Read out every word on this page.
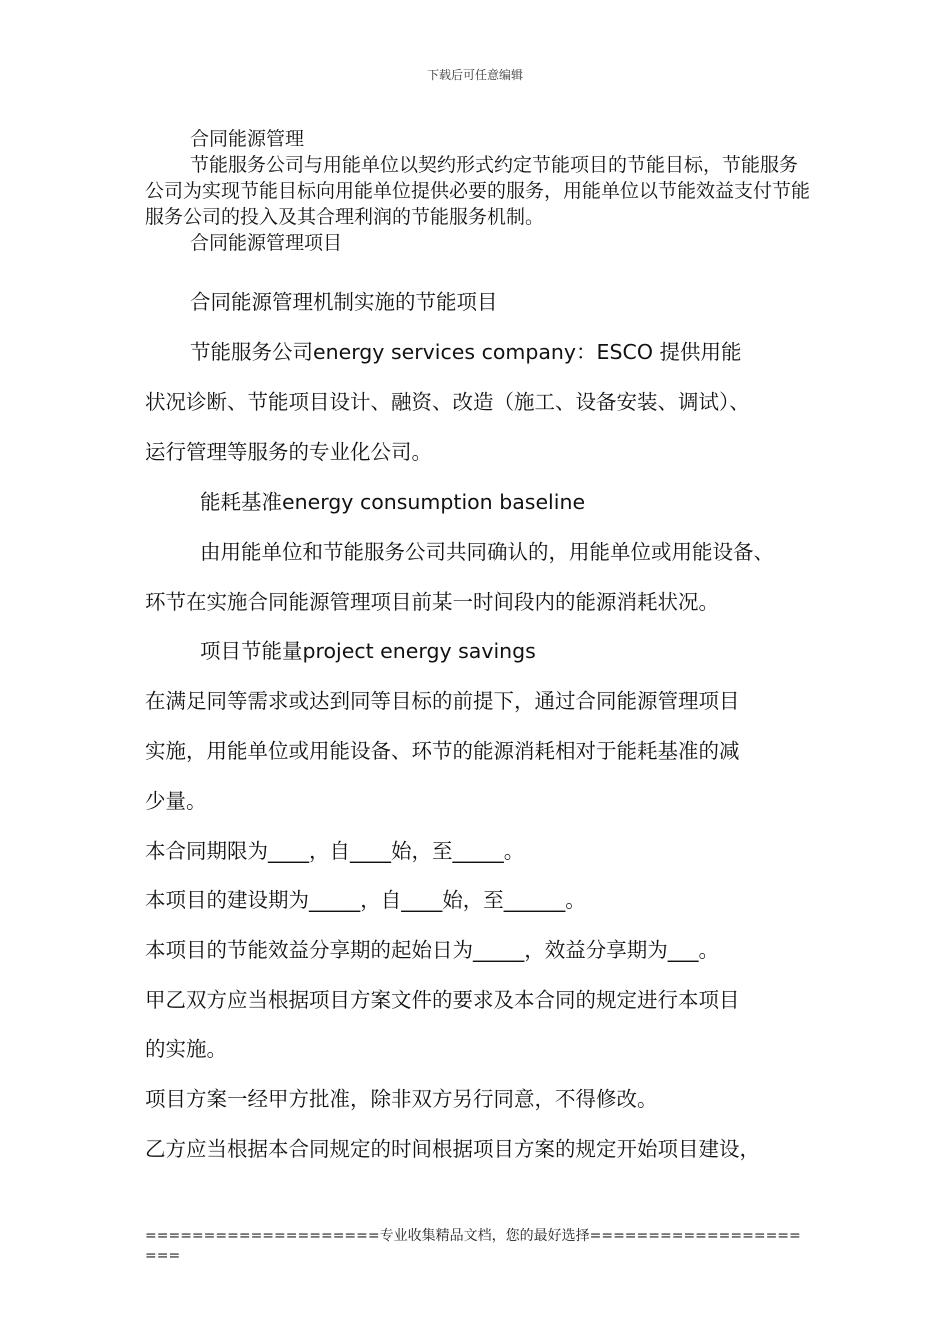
下载后可任意编辑

合同能源管理

节能服务公司与用能单位以契约形式约定节能项目的节能目标，节能服务公司为实现节能目标向用能单位提供必要的服务，用能单位以节能效益支付节能服务公司的投入及其合理利润的节能服务机制。

合同能源管理项目

合同能源管理机制实施的节能项目
节能服务公司energy services company：ESCO 提供用能
状况诊断、节能项目设计、融资、改造（施工、设备安装、调试）、
运行管理等服务的专业化公司。
能耗基准energy consumption baseline
由用能单位和节能服务公司共同确认的，用能单位或用能设备、
环节在实施合同能源管理项目前某一时间段内的能源消耗状况。
项目节能量project energy savings
在满足同等需求或达到同等目标的前提下，通过合同能源管理项目
实施，用能单位或用能设备、环节的能源消耗相对于能耗基准的减
少量。
本合同期限为____，自____始，至_____。
本项目的建设期为_____，自____始，至______。
本项目的节能效益分享期的起始日为_____，效益分享期为___。
甲乙双方应当根据项目方案文件的要求及本合同的规定进行本项目
的实施。
项目方案一经甲方批准，除非双方另行同意，不得修改。
乙方应当根据本合同规定的时间根据项目方案的规定开始项目建设，
====================专业收集精品文档，您的最好选择=====================
